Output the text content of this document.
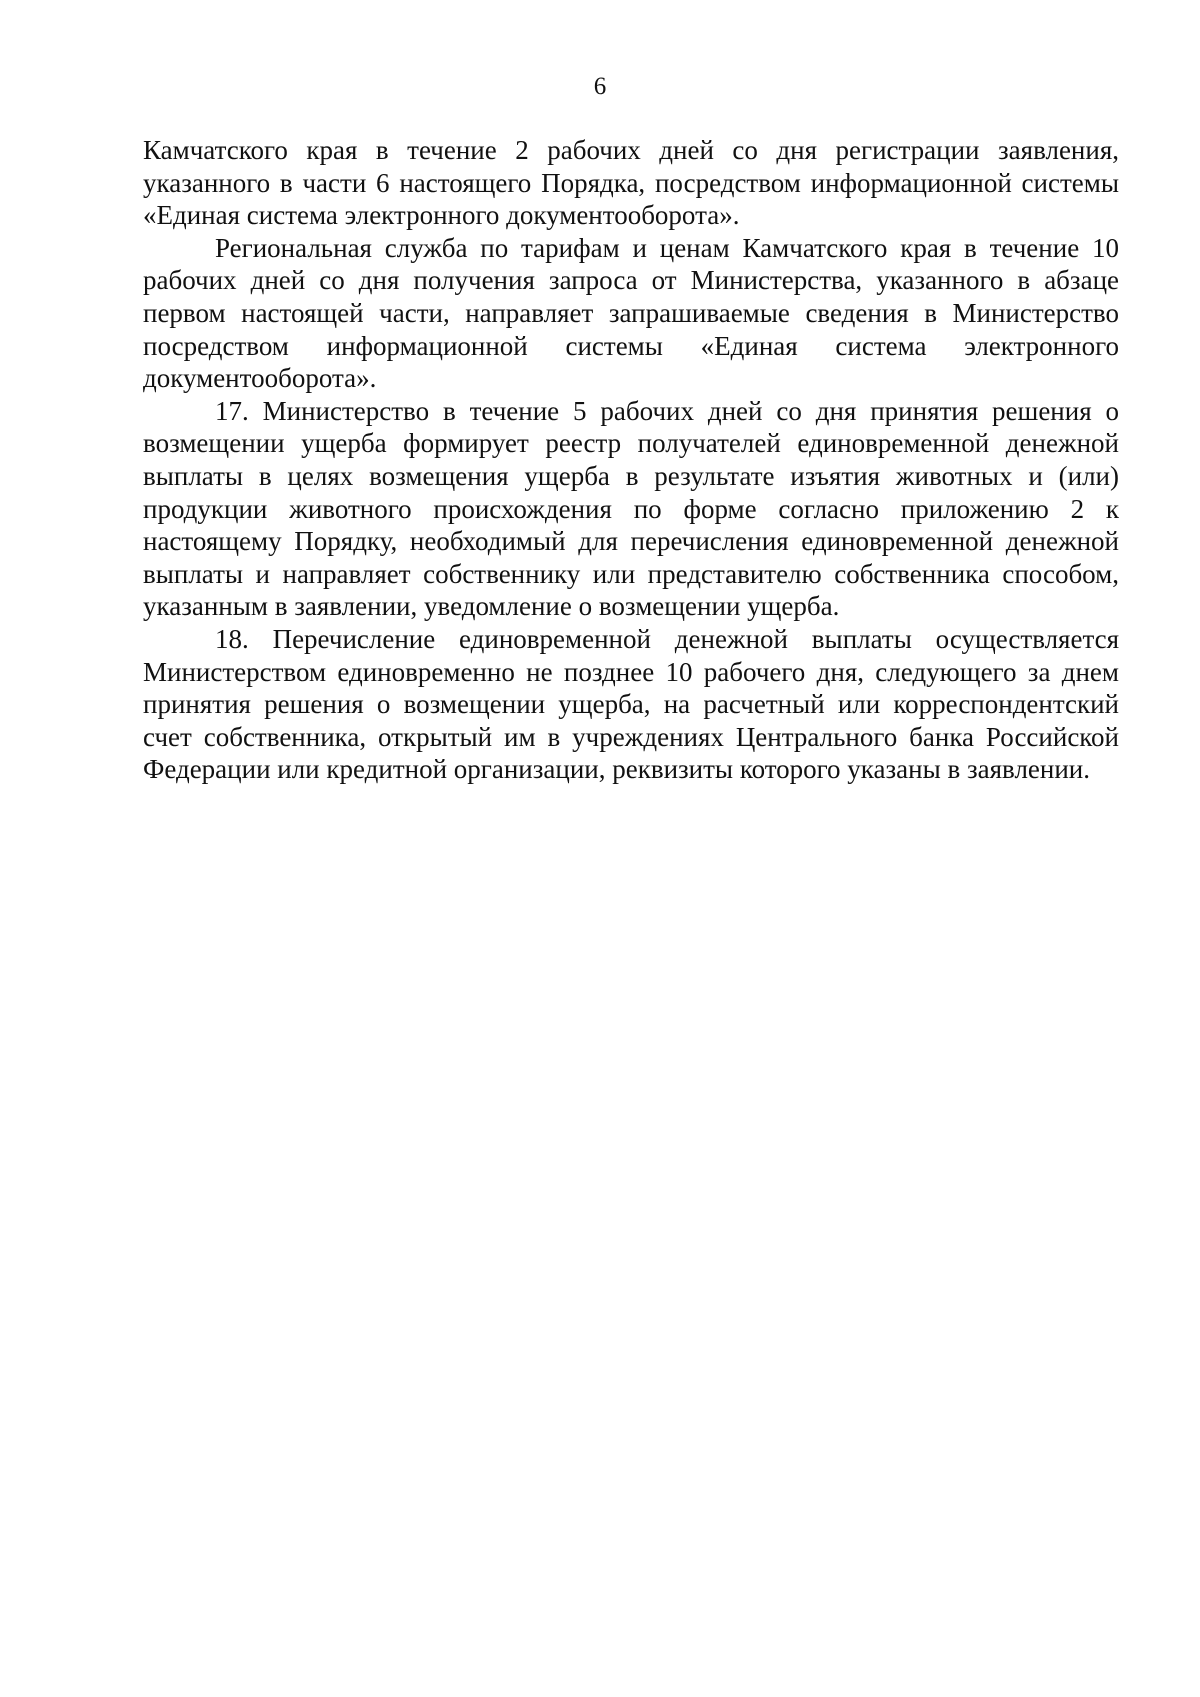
6

Камчатского края в течение 2 рабочих дней со дня регистрации заявления, указанного в части 6 настоящего Порядка, посредством информационной системы «Единая система электронного документооборота».

Региональная служба по тарифам и ценам Камчатского края в течение 10 рабочих дней со дня получения запроса от Министерства, указанного в абзаце первом настоящей части, направляет запрашиваемые сведения в Министерство посредством информационной системы «Единая система электронного документооборота».

17. Министерство в течение 5 рабочих дней со дня принятия решения о возмещении ущерба формирует реестр получателей единовременной денежной выплаты в целях возмещения ущерба в результате изъятия животных и (или) продукции животного происхождения по форме согласно приложению 2 к настоящему Порядку, необходимый для перечисления единовременной денежной выплаты и направляет собственнику или представителю собственника способом, указанным в заявлении, уведомление о возмещении ущерба.

18. Перечисление единовременной денежной выплаты осуществляется Министерством единовременно не позднее 10 рабочего дня, следующего за днем принятия решения о возмещении ущерба, на расчетный или корреспондентский счет собственника, открытый им в учреждениях Центрального банка Российской Федерации или кредитной организации, реквизиты которого указаны в заявлении.
